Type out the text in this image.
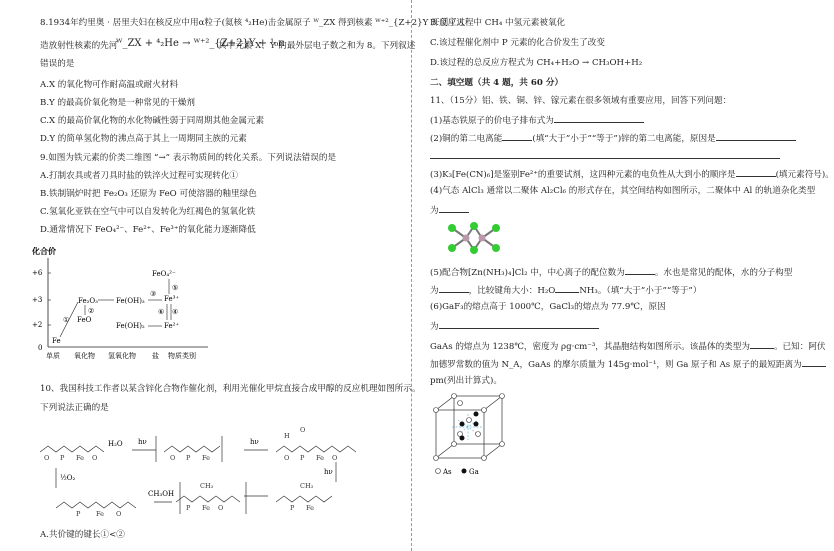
8.1934年约里奥 · 居里夫妇在核反应中用α粒子(氦核 ⁴₂He)击金属原子 ᵂ_ZX 得到核素 ᵂ⁺²_{Z+2}Y 开创了人
造放射性核素的先河
ᵂ_ZX + ⁴₂He → ᵂ⁺²_{Z+2}Y + ¹₀n
其中元素 X、Y 的最外层电子数之和为 8。下列叙述
错误的是
A.X 的氧化物可作耐高温或耐火材料
B.Y 的最高价氧化物是一种常见的干燥剂
C.X 的最高价氧化物的水化物碱性弱于同周期其他金属元素
D.Y 的简单氢化物的沸点高于其上一周期同主族的元素
9.如图为铁元素的价类二维图 “→” 表示物质间的转化关系。下列说法错误的是
A.打制农具或者刀具时盐的铁淬火过程可实现转化①
B.铁制锅炉时把 Fe₂O₃ 还原为 FeO 可使溶器的釉里绿色
C.氢氧化亚铁在空气中可以自发转化为红褐色的氢氧化铁
D.通常情况下 FeO₄²⁻、Fe²⁺、Fe³⁺的氧化能力逐渐降低
化合价
+6
+3
+2
0
单质 氧化物 氢氧化物 盐 物质类别
Fe
FeO
Fe₂O₃	Fe(OH)₃
Fe(OH)₂
Fe³⁺
Fe²⁺
FeO₄²⁻
①
②
③
④
⑤
⑥
10、我国科技工作者以某含锌化合物作催化剂，利用光催化甲烷直接合成甲醇的反应机理如图所示。
下列说法正确的是
O P Fe O	O P Fe	O P Fe O
H
O
P Fe O	P Fe
CH₃	CH₃
P Fe O
hν
H₂O	hν
hν
CH₃OH
½O₂
A.共价键的键长①<②
B.反应过程中 CH₄ 中氢元素被氧化
C.该过程催化剂中 P 元素的化合价发生了改变
D.该过程的总反应方程式为 CH₄+H₂O → CH₃OH+H₂
二、填空题（共 4 题，共 60 分）
11、（15分）铝、铁、铜、锌、镓元素在很多领域有重要应用，回答下列问题：
(1)基态铁原子的价电子排布式为
(2)铜的第二电离能	(填“大于”小于”“等于”)锌的第二电离能，原因是
(3)K₃[Fe(CN)₆]是鉴别Fe²⁺的重要试剂，这四种元素的电负性从大到小的顺序是	(填元素符号)。
(4)气态 AlCl₃ 通常以二聚体 Al₂Cl₆ 的形式存在，其空间结构如图所示，二聚体中 Al 的轨道杂化类型
为
(5)配合物[Zn(NH₃)₄]Cl₂ 中，中心离子的配位数为	。水也是常见的配体，水的分子构型
为	，比较键角大小：H₂O	NH₃。（填“大于”小于”“等于”）
(6)GaF₃的熔点高于 1000℃，GaCl₃的熔点为 77.9℃，原因
为
GaAs 的熔点为 1238℃，密度为 ρg·cm⁻³，其晶胞结构如图所示。该晶体的类型为	。已知：阿伏
加德罗常数的值为 N_A，GaAs 的摩尔质量为 145g·mol⁻¹，则 Ga 原子和 As 原子的最短距离为
pm(列出计算式)。
As Ga
